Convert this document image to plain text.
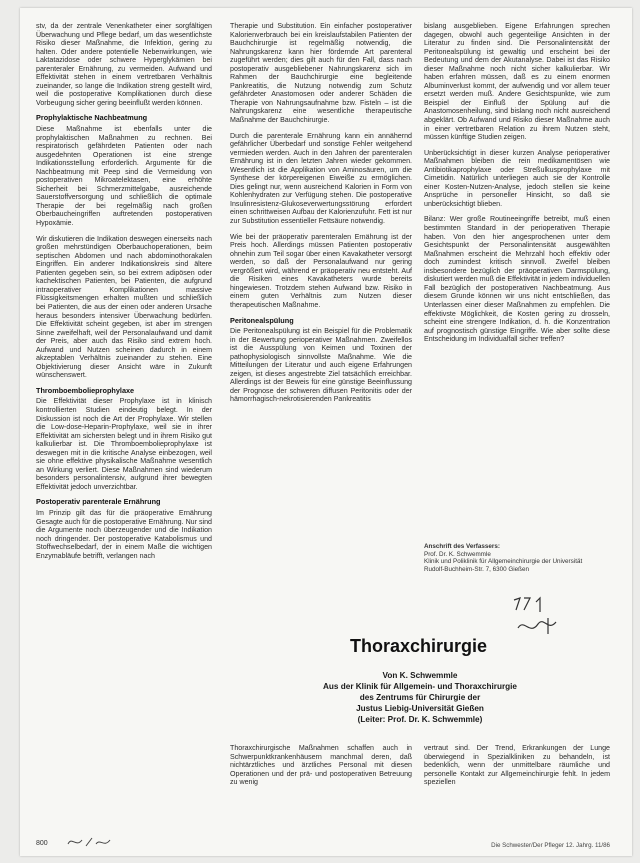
stv, da der zentrale Venenkatheter einer sorgfältigen Überwachung und Pflege bedarf, um das wesentlichste Risiko dieser Maßnahme, die Infektion, gering zu halten. Oder andere potentielle Nebenwirkungen, wie Laktatazidose oder schwere Hyperglykämien bei parenteraler Ernährung, zu vermeiden. Aufwand und Effektivität stehen in einem vertretbaren Verhältnis zueinander, so lange die Indikation streng gestellt wird, weil die postoperative Komplikationen durch diese Vorbeugung sicher gering beeinflußt werden können.

Prophylaktische Nachbeatmung

Diese Maßnahme ist ebenfalls unter die prophylaktischen Maßnahmen zu rechnen. Bei respiratorisch gefährdeten Patienten oder nach ausgedehnten Operationen ist eine strenge Indikationsstellung erforderlich. Argumente für die Nachbeatmung mit Peep sind die Vermeidung von postoperativen Mikroatelektasen, eine erhöhte Sicherheit bei Schmerzmittelgabe, ausreichende Sauerstoffversorgung und schließlich die optimale Therapie der bei regelmäßig nach großen Oberbaucheingriffen auftretenden postoperativen Hypoxämie.

Wir diskutieren die Indikation deswegen einerseits nach großen mehrstündigen Oberbauchoperationen, beim septischen Abdomen und nach abdominothorakalen Eingriffen. Ein anderer Indikationskreis sind ältere Patienten gegeben sein, so bei extrem adipösen oder kachektischen Patienten, bei Patienten, die aufgrund intraoperativer Komplikationen massive Flüssigkeitsmengen erhalten mußten und schließlich bei Patienten, die aus der einen oder anderen Ursache heraus besonders intensiver Überwachung bedürfen. Die Effektivität scheint gegeben, ist aber im strengen Sinne zweifelhaft, weil der Personalaufwand und damit der Preis, aber auch das Risiko sind extrem hoch. Aufwand und Nutzen scheinen dadurch in einem akzeptablen Verhältnis zueinander zu stehen. Eine Objektivierung dieser Ansicht wäre in Zukunft wünschenswert.

Thromboembolieprophylaxe

Die Effektivität dieser Prophylaxe ist in klinisch kontrollierten Studien eindeutig belegt. In der Diskussion ist noch die Art der Prophylaxe. Wir stellen die Low-dose-Heparin-Prophylaxe, weil sie in ihrer Effektivität am sichersten belegt und in ihrem Risiko gut kalkulierbar ist. Die Thromboembolieprophylaxe ist deswegen mit in die kritische Analyse einbezogen, weil sie ohne effektive physikalische Maßnahme wesentlich an Wirkung verliert. Diese Maßnahmen sind wiederum besonders personalintensiv, aufgrund ihrer bewegten Effektivität jedoch unverzichtbar.

Postoperativ parenterale Ernährung

Im Prinzip gilt das für die präoperative Ernährung Gesagte auch für die postoperative Ernährung. Nur sind die Argumente noch überzeugender und die Indikation noch dringender. Der postoperative Katabolismus und Stoffwechselbedarf, der in einem Maße die wichtigen Enzymabläufe betrifft, verlangen nach

Therapie und Substitution. Ein einfacher postoperativer Kalorienverbrauch bei ein kreislaufstabilen Patienten der Bauchchirurgie ist regelmäßig notwendig, die Nahrungskarenz kann hier fördernde Art parenteral zugeführt werden; dies gilt auch für den Fall, dass nach postoperativ ausgebliebener Nahrungskarenz sich im Rahmen der Bauchchirurgie eine begleitende Pankreatitis, die Nutzung notwendig zum Schutz gefährdeter Anastomosen oder anderer Schäden die Therapie von Nahrungsaufnahme bzw. Fisteln – ist die Nahrungskarenz eine wesentliche therapeutische Maßnahme der Bauchchirurgie.

Durch die parenterale Ernährung kann ein annähernd gefährlicher Überbedarf und sonstige Fehler weitgehend vermieden werden. Auch in den Jahren der parenteralen Ernährung ist in den letzten Jahren wieder gekommen. Wesentlich ist die Applikation von Aminosäuren, um die Synthese der körpereigenen Eiweiße zu ermöglichen. Dies gelingt nur, wenn ausreichend Kalorien in Form von Kohlenhydraten zur Verfügung stehen. Die postoperative Insulinresistenz-Glukoseverwertungsstörung erfordert einen schrittweisen Aufbau der Kalorienzufuhr. Fett ist nur zur Substitution essentieller Fettsäure notwendig.

Wie bei der präoperativ parenteralen Ernährung ist der Preis hoch. Allerdings müssen Patienten postoperativ ohnehin zum Teil sogar über einen Kavakatheter versorgt werden, so daß der Personalaufwand nur gering vergrößert wird, während er präoperativ neu entsteht. Auf die Risiken eines Kavakatheters wurde bereits hingewiesen. Trotzdem stehen Aufwand bzw. Risiko in einem guten Verhältnis zum Nutzen dieser therapeutischen Maßnahme.

Peritonealspülung

Die Peritonealspülung ist ein Beispiel für die Problematik in der Bewertung perioperativer Maßnahmen. Zweifellos ist die Ausspülung von Keimen und Toxinen der pathophysiologisch sinnvollste Maßnahme. Wie die Mitteilungen der Literatur und auch eigene Erfahrungen zeigen, ist dieses angestrebte Ziel tatsächlich erreichbar. Allerdings ist der Beweis für eine günstige Beeinflussung der Prognose der schweren diffusen Peritonitis oder der hämorrhagisch-nekrotisierenden Pankreatitis

bislang ausgeblieben. Eigene Erfahrungen sprechen dagegen, obwohl auch gegenteilige Ansichten in der Literatur zu finden sind. Die Personalintensität der Peritonealspülung ist gewaltig und erscheint bei der Bedeutung und dem der Akutanalyse. Dabei ist das Risiko dieser Maßnahme noch nicht sicher kalkulierbar. Wir haben erfahren müssen, daß es zu einem enormen Albuminverlust kommt, der aufwendig und vor allem teuer ersetzt werden muß. Andere Gesichtspunkte, wie zum Beispiel der Einfluß der Spülung auf die Anastomosenheilung, sind bislang noch nicht ausreichend abgeklärt. Ob Aufwand und Risiko dieser Maßnahme auch in einer vertretbaren Relation zu ihrem Nutzen steht, müssen künftige Studien zeigen.

Unberücksichtigt in dieser kurzen Analyse perioperativer Maßnahmen bleiben die rein medikamentösen wie Antibiotikaprophylaxe oder Streßulkusprophylaxe mit Cimetidin. Natürlich unterliegen auch sie der Kontrolle einer Kosten-Nutzen-Analyse, jedoch stellen sie keine Ansprüche in personeller Hinsicht, so daß sie unberücksichtigt blieben.

Bilanz: Wer große Routineeingriffe betreibt, muß einen bestimmten Standard in der perioperativen Therapie haben. Von den hier angesprochenen unter dem Gesichtspunkt der Personalintensität ausgewählten Maßnahmen erscheint die Mehrzahl hoch effektiv oder doch zumindest kritisch sinnvoll. Zweifel bleiben insbesondere bezüglich der präoperativen Darmspülung, diskutiert werden muß die Effektivität in jedem individuellen Fall bezüglich der postoperativen Nachbeatmung. Aus diesem Grunde können wir uns nicht entschließen, das Unterlassen einer dieser Maßnahmen zu empfehlen. Die effektivste Möglichkeit, die Kosten gering zu drosseln, scheint eine strengere Indikation, d. h. die Konzentration auf prognostisch günstige Eingriffe. Wie aber sollte diese Entscheidung im Individualfall sicher treffen?

Anschrift des Verfassers:
Prof. Dr. K. Schwemmle
Klinik und Poliklinik für Allgemeinchirurgie der Universität
Rudolf-Buchheim-Str. 7, 6300 Gießen
Thoraxchirurgie
Von K. Schwemmle
Aus der Klinik für Allgemein- und Thoraxchirurgie
des Zentrums für Chirurgie der
Justus Liebig-Universität Gießen
(Leiter: Prof. Dr. K. Schwemmle)
Thoraxchirurgische Maßnahmen schaffen auch in Schwerpunktkrankenhäusern manchmal deren, daß nichtärztliches und ärztliches Personal mit diesen Operationen und der prä- und postoperativen Betreuung zu wenig
vertraut sind. Der Trend, Erkrankungen der Lunge überwiegend in Spezialkliniken zu behandeln, ist bedenklich, wenn der unmittelbare räumliche und personelle Kontakt zur Allgemeinchirurgie fehlt. In jedem speziellen
800	Die Schwester/Der Pfleger 12. Jahrg. 11/86
